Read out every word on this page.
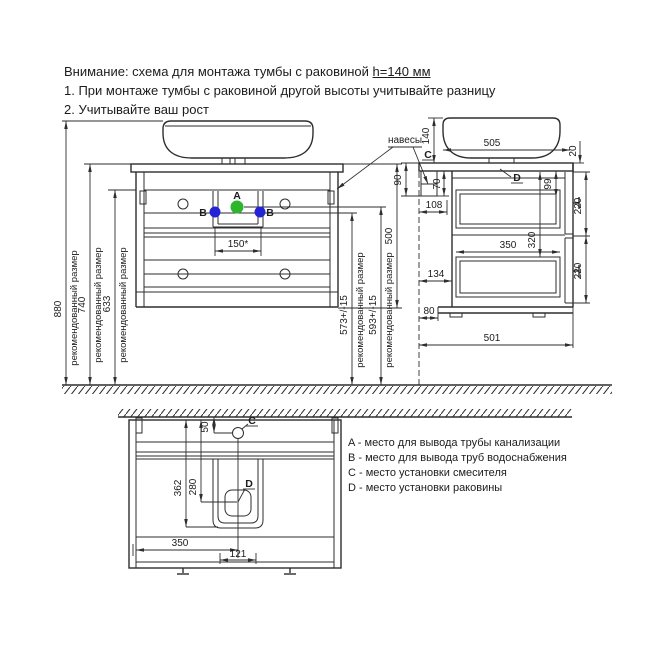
Внимание: схема для монтажа тумбы с раковиной h=140 мм
1. При монтаже тумбы с раковиной другой высоты учитывайте разницу
2. Учитывайте ваш рост
A
B	B
150*
880 рекомендованный размер
740 рекомендованный размер
633 рекомендованный размер	573+/-15 рекомендованный размер 593+/-15 рекомендованный размер
500
навесы
140	505
20
90	70
108
134
99
320
350
220
220
80
501
C
D
C
D
50
362 280
350
121
A - место для вывода трубы канализации
B - место для вывода труб водоснабжения
C - место установки смесителя
D - место установки раковины
